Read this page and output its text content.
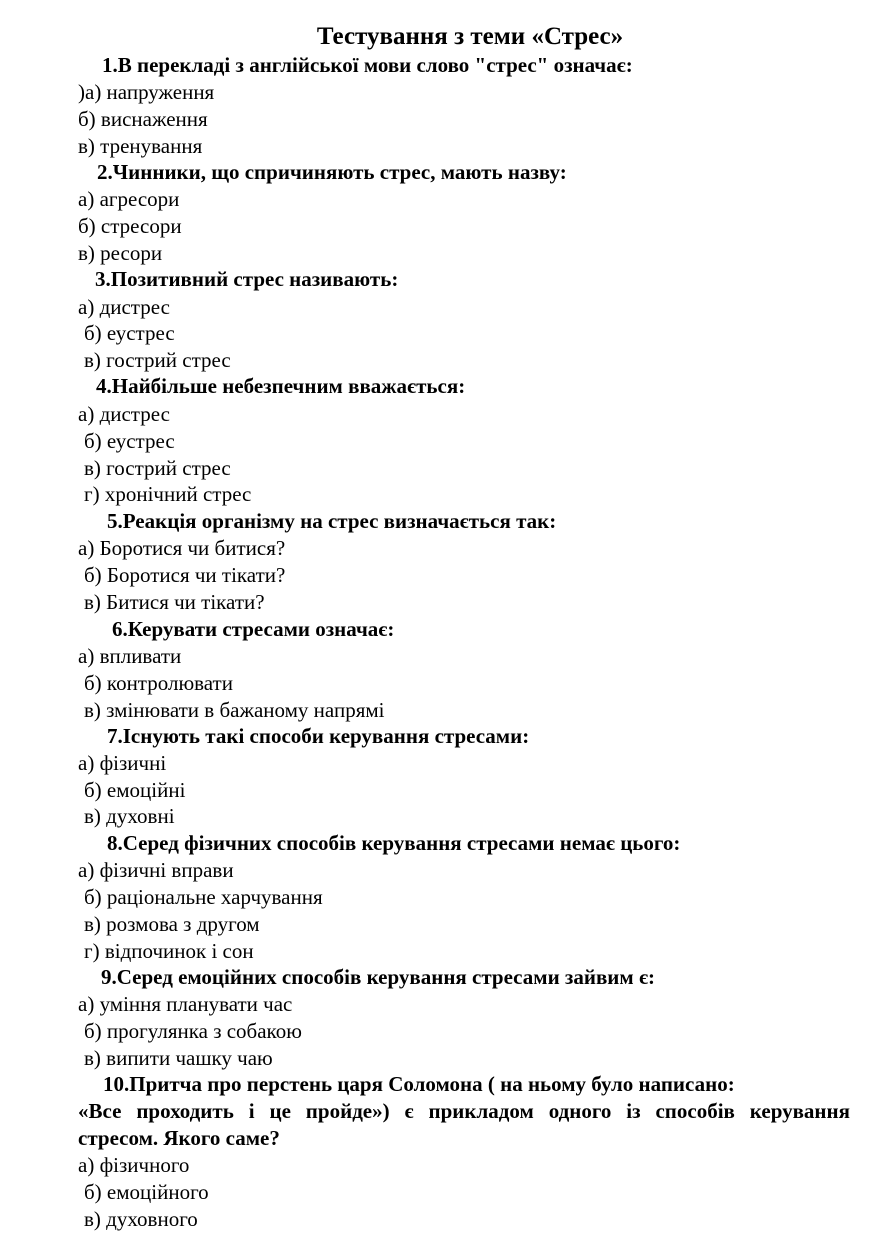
Тестування з теми «Стрес»
1.В перекладі з англійської мови слово "стрес" означає:
)а) напруження
б) виснаження
в) тренування
2.Чинники, що спричиняють стрес, мають назву:
а) агресори
б) стресори
в) ресори
3.Позитивний стрес називають:
а) дистрес
б) еустрес
в) гострий стрес
4.Найбільше небезпечним вважається:
а) дистрес
б) еустрес
в) гострий стрес
г) хронічний стрес
5.Реакція організму на стрес визначається так:
а) Боротися чи битися?
б) Боротися чи тікати?
в) Битися чи тікати?
6.Керувати стресами означає:
а) впливати
б) контролювати
в) змінювати в бажаному напрямі
7.Існують такі способи керування стресами:
а) фізичні
б) емоційні
в) духовні
8.Серед фізичних способів керування стресами немає цього:
а) фізичні вправи
б) раціональне харчування
в) розмова з другом
г) відпочинок і сон
9.Серед емоційних способів керування стресами зайвим є:
а) уміння планувати час
б) прогулянка з собакою
в) випити чашку чаю
10.Притча про перстень царя Соломона ( на ньому було написано:
«Все проходить і це пройде») є прикладом одного із способів керування
стресом. Якого саме?
а) фізичного
б) емоційного
в) духовного
